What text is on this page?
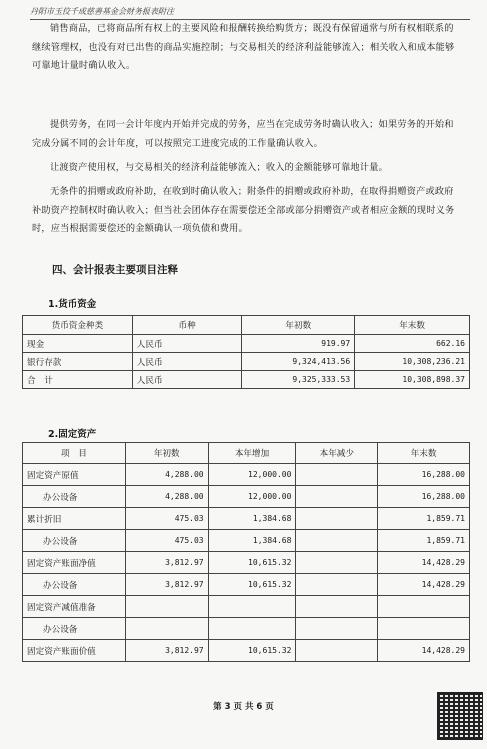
丹阳市玉佼千成慈善基金会财务报表附注
销售商品，已将商品所有权上的主要风险和报酬转换给购货方；既没有保留通常与所有权相联系的继续管理权，也没有对已出售的商品实施控制；与交易相关的经济利益能够流入；相关收入和成本能够可靠地计量时确认收入。
提供劳务，在同一会计年度内开始并完成的劳务，应当在完成劳务时确认收入；如果劳务的开始和完成分属不同的会计年度，可以按照完工进度完成的工作量确认收入。
让渡资产使用权，与交易相关的经济利益能够流入；收入的金额能够可靠地计量。
无条件的捐赠或政府补助，在收到时确认收入；附条件的捐赠或政府补助，在取得捐赠资产或政府补助资产控制权时确认收入；但当社会团体存在需要偿还全部或部分捐赠资产或者相应金额的现时义务时，应当根据需要偿还的金额确认一项负债和费用。
四、会计报表主要项目注释
1.货币资金
货币资金种类	币种	年初数	年末数
现金	人民币	919.97	662.16
银行存款	人民币	9,324,413.56	10,308,236.21
合　计	人民币	9,325,333.53	10,308,898.37
2.固定资产
项　目	年初数	本年增加	本年减少	年末数
固定资产原值	4,288.00	12,000.00		16,288.00
办公设备	4,288.00	12,000.00		16,288.00
累计折旧	475.03	1,384.68		1,859.71
办公设备	475.03	1,384.68		1,859.71
固定资产账面净值	3,812.97	10,615.32		14,428.29
办公设备	3,812.97	10,615.32		14,428.29
固定资产减值准备				
办公设备				
固定资产账面价值	3,812.97	10,615.32		14,428.29
第 3 页 共 6 页
